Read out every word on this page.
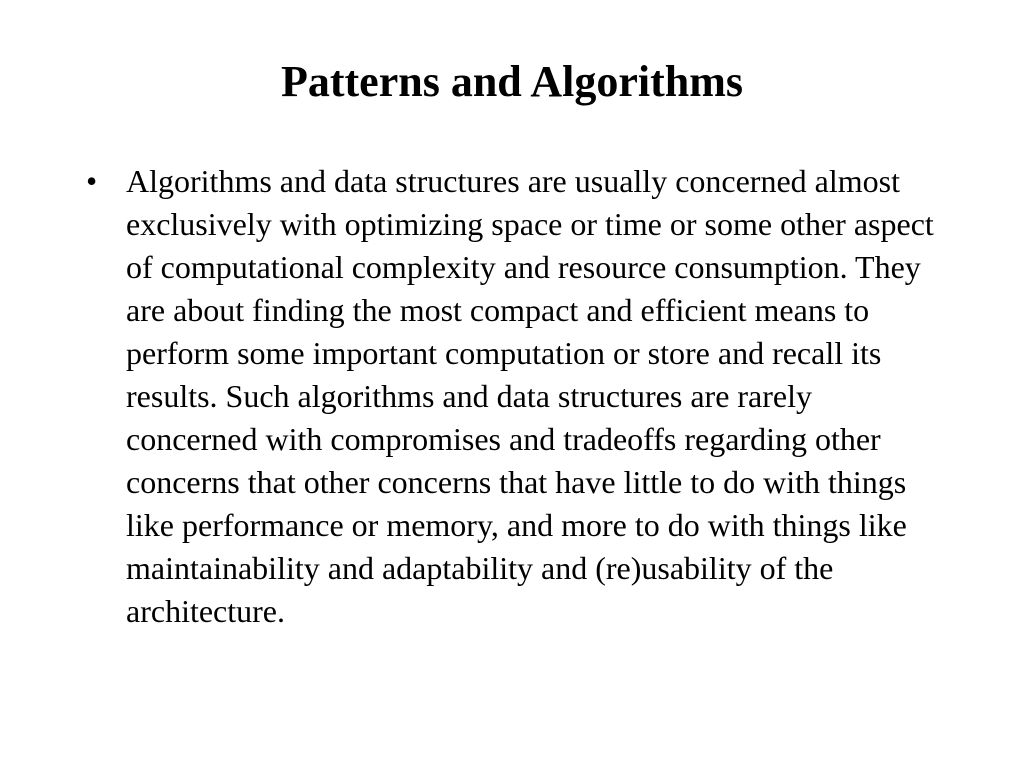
Patterns and Algorithms
• Algorithms and data structures are usually concerned almost exclusively with optimizing space or time or some other aspect of computational complexity and resource consumption. They are about finding the most compact and efficient means to perform some important computation or store and recall its results. Such algorithms and data structures are rarely concerned with compromises and tradeoffs regarding other concerns that other concerns that have little to do with things like performance or memory, and more to do with things like maintainability and adaptability and (re)usability of the architecture.
